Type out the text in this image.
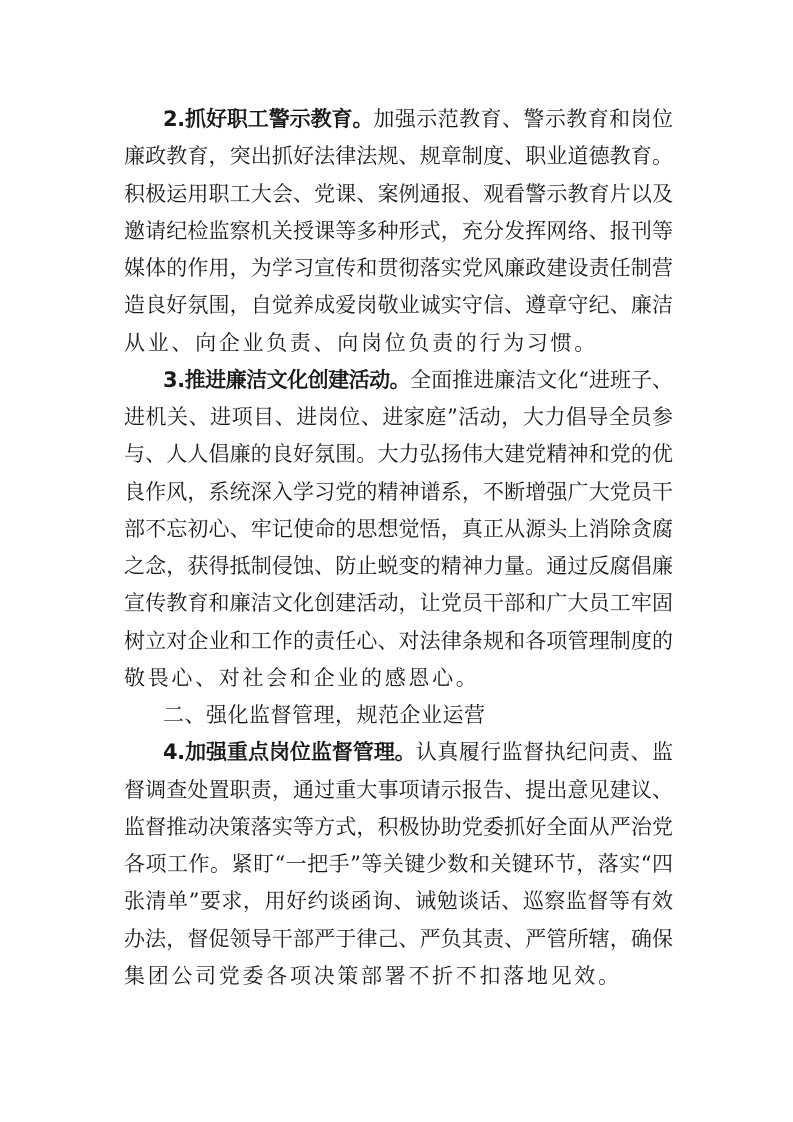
2.抓好职工警示教育。加强示范教育、警示教育和岗位
廉政教育，突出抓好法律法规、规章制度、职业道德教育。
积极运用职工大会、党课、案例通报、观看警示教育片以及
邀请纪检监察机关授课等多种形式，充分发挥网络、报刊等
媒体的作用，为学习宣传和贯彻落实党风廉政建设责任制营
造良好氛围，自觉养成爱岗敬业诚实守信、遵章守纪、廉洁
从业、向企业负责、向岗位负责的行为习惯。
3.推进廉洁文化创建活动。全面推进廉洁文化“进班子、
进机关、进项目、进岗位、进家庭”活动，大力倡导全员参
与、人人倡廉的良好氛围。大力弘扬伟大建党精神和党的优
良作风，系统深入学习党的精神谱系，不断增强广大党员干
部不忘初心、牢记使命的思想觉悟，真正从源头上消除贪腐
之念，获得抵制侵蚀、防止蜕变的精神力量。通过反腐倡廉
宣传教育和廉洁文化创建活动，让党员干部和广大员工牢固
树立对企业和工作的责任心、对法律条规和各项管理制度的
敬畏心、对社会和企业的感恩心。
二、强化监督管理，规范企业运营
4.加强重点岗位监督管理。认真履行监督执纪问责、监
督调查处置职责，通过重大事项请示报告、提出意见建议、
监督推动决策落实等方式，积极协助党委抓好全面从严治党
各项工作。紧盯“一把手”等关键少数和关键环节，落实“四
张清单”要求，用好约谈函询、诫勉谈话、巡察监督等有效
办法，督促领导干部严于律己、严负其责、严管所辖，确保
集团公司党委各项决策部署不折不扣落地见效。
